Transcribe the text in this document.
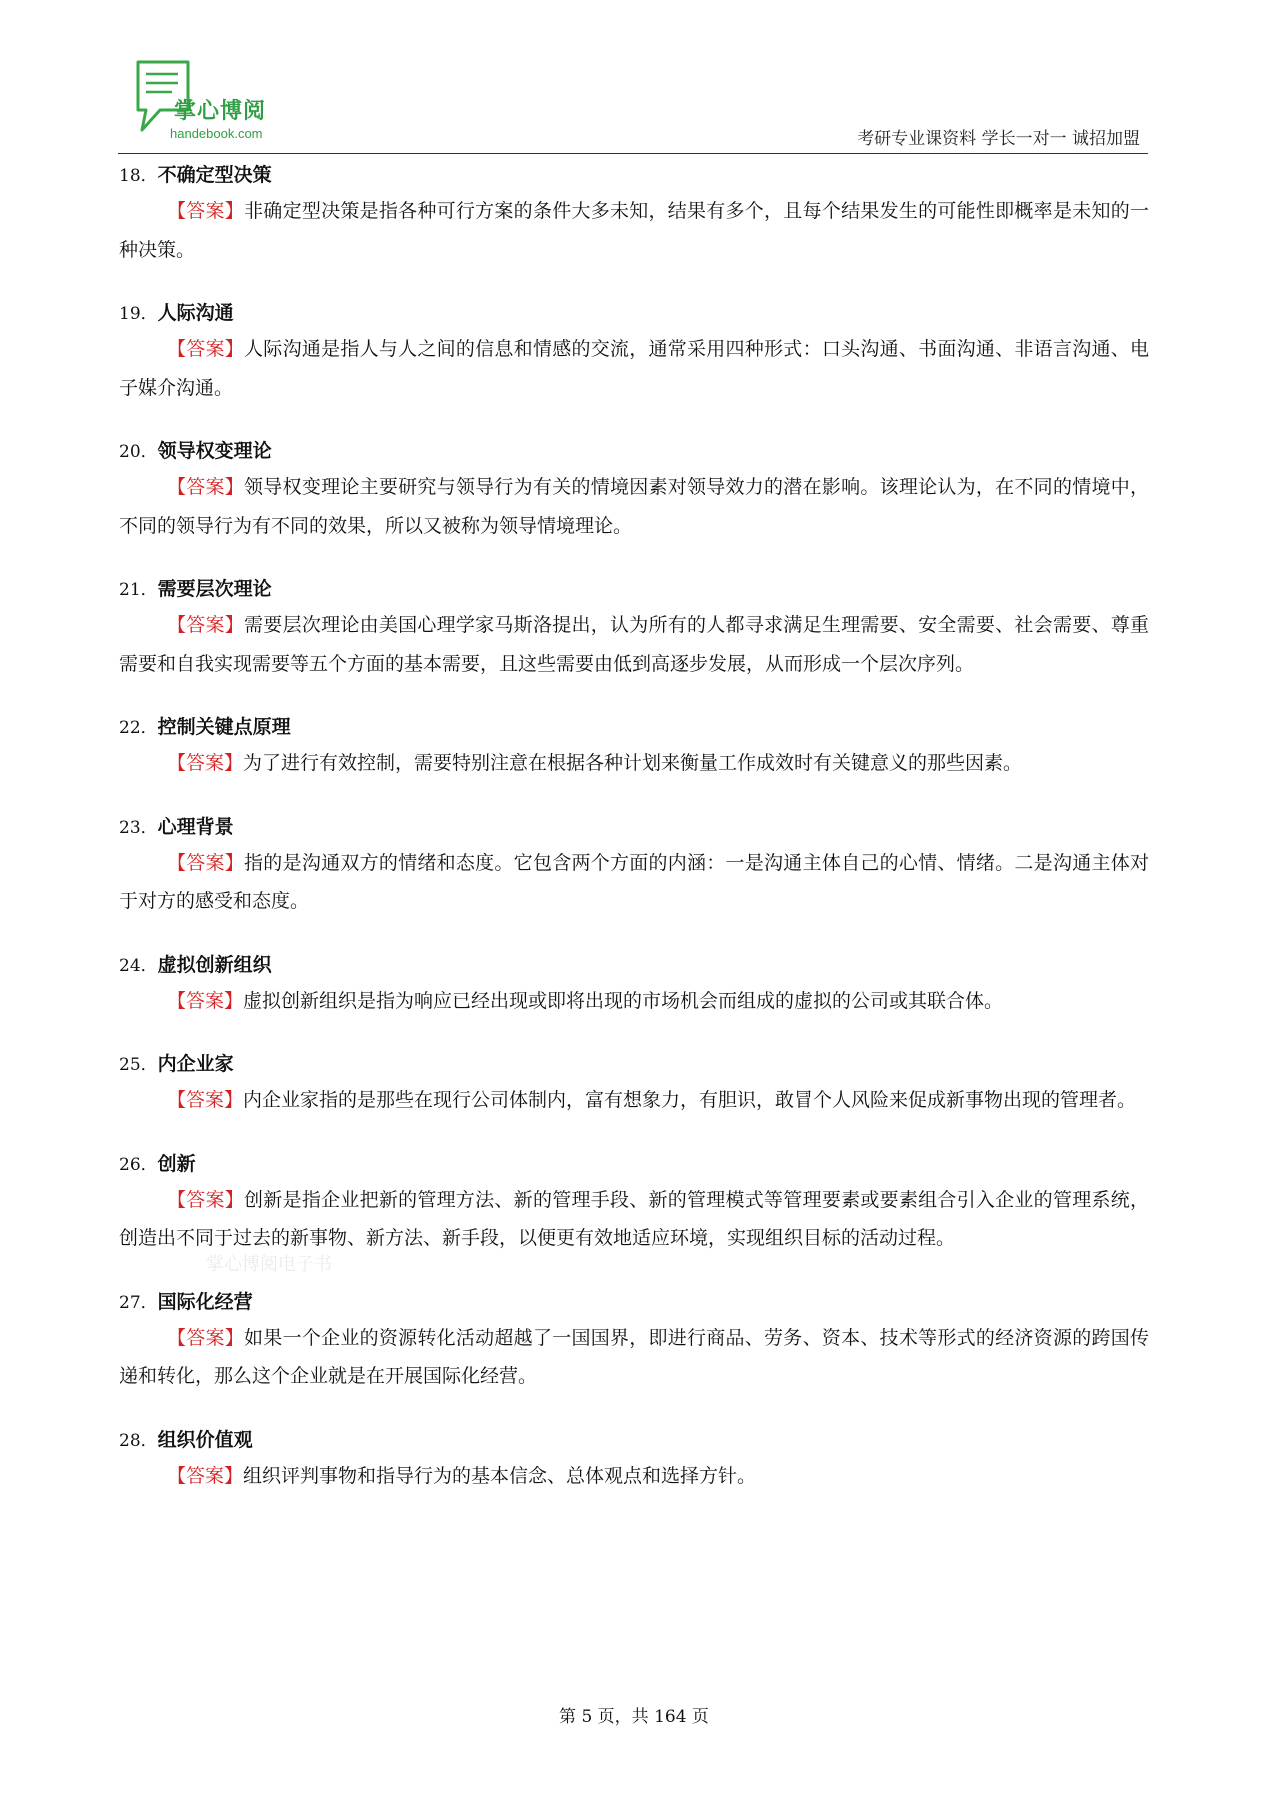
掌心博阅
handebook.com	考研专业课资料 学长一对一 诚招加盟
掌心博阅电子书
18．不确定型决策
【答案】非确定型决策是指各种可行方案的条件大多未知，结果有多个，且每个结果发生的可能性即概率是未知的一种决策。
19．人际沟通
【答案】人际沟通是指人与人之间的信息和情感的交流，通常采用四种形式：口头沟通、书面沟通、非语言沟通、电子媒介沟通。
20．领导权变理论
【答案】领导权变理论主要研究与领导行为有关的情境因素对领导效力的潜在影响。该理论认为，在不同的情境中，不同的领导行为有不同的效果，所以又被称为领导情境理论。
21．需要层次理论
【答案】需要层次理论由美国心理学家马斯洛提出，认为所有的人都寻求满足生理需要、安全需要、社会需要、尊重需要和自我实现需要等五个方面的基本需要，且这些需要由低到高逐步发展，从而形成一个层次序列。
22．控制关键点原理
【答案】为了进行有效控制，需要特别注意在根据各种计划来衡量工作成效时有关键意义的那些因素。
23．心理背景
【答案】指的是沟通双方的情绪和态度。它包含两个方面的内涵：一是沟通主体自己的心情、情绪。二是沟通主体对于对方的感受和态度。
24．虚拟创新组织
【答案】虚拟创新组织是指为响应已经出现或即将出现的市场机会而组成的虚拟的公司或其联合体。
25．内企业家
【答案】内企业家指的是那些在现行公司体制内，富有想象力，有胆识，敢冒个人风险来促成新事物出现的管理者。
26．创新
【答案】创新是指企业把新的管理方法、新的管理手段、新的管理模式等管理要素或要素组合引入企业的管理系统，创造出不同于过去的新事物、新方法、新手段，以便更有效地适应环境，实现组织目标的活动过程。
27．国际化经营
【答案】如果一个企业的资源转化活动超越了一国国界，即进行商品、劳务、资本、技术等形式的经济资源的跨国传递和转化，那么这个企业就是在开展国际化经营。
28．组织价值观
【答案】组织评判事物和指导行为的基本信念、总体观点和选择方针。
第 5 页，共 164 页
